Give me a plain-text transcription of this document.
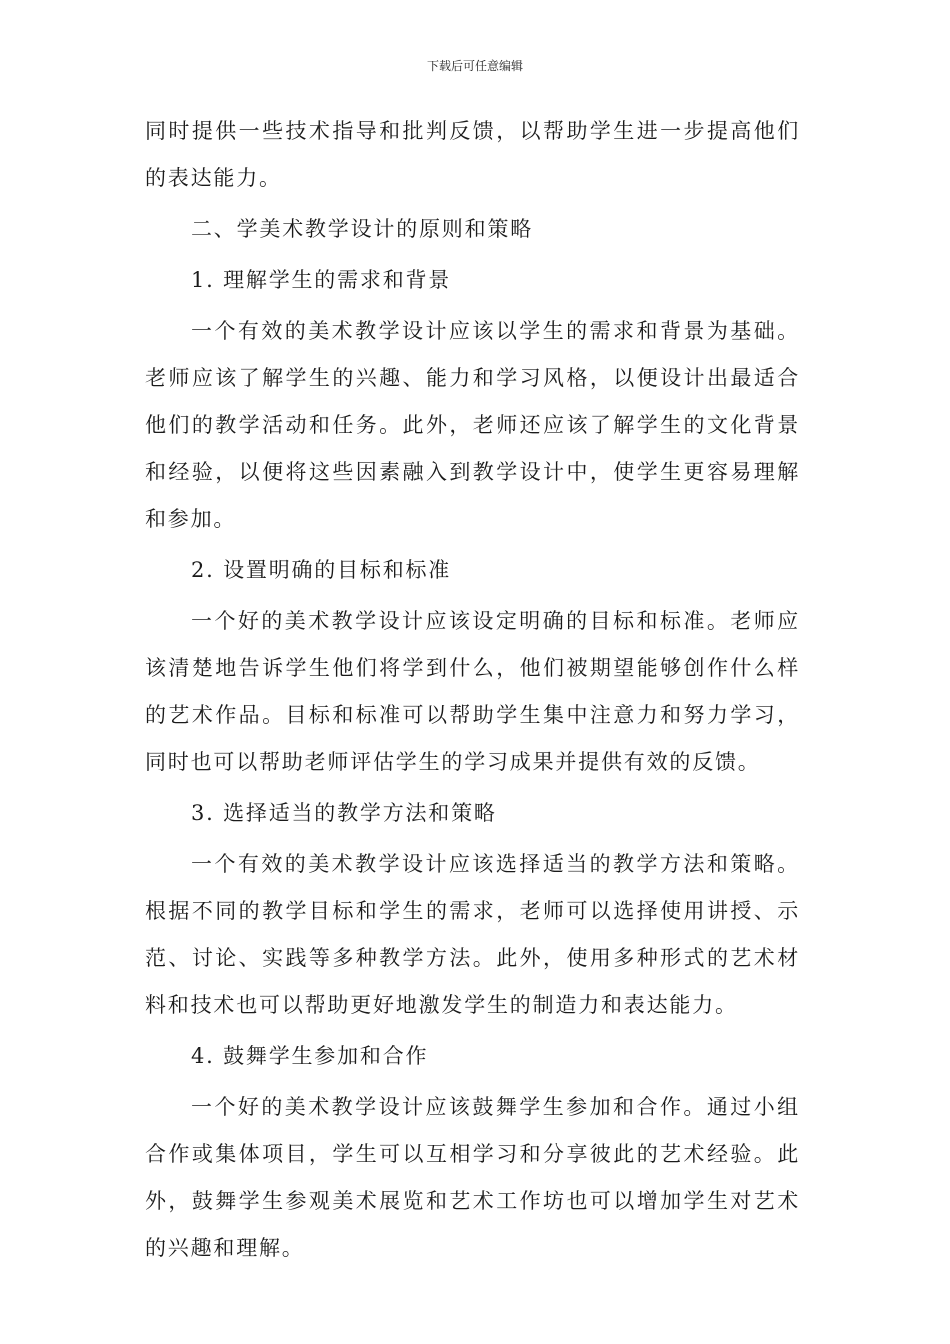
下载后可任意编辑

同时提供一些技术指导和批判反馈，以帮助学生进一步提高他们的表达能力。

二、学美术教学设计的原则和策略

1. 理解学生的需求和背景

一个有效的美术教学设计应该以学生的需求和背景为基础。老师应该了解学生的兴趣、能力和学习风格，以便设计出最适合他们的教学活动和任务。此外，老师还应该了解学生的文化背景和经验，以便将这些因素融入到教学设计中，使学生更容易理解和参加。

2. 设置明确的目标和标准

一个好的美术教学设计应该设定明确的目标和标准。老师应该清楚地告诉学生他们将学到什么，他们被期望能够创作什么样的艺术作品。目标和标准可以帮助学生集中注意力和努力学习，同时也可以帮助老师评估学生的学习成果并提供有效的反馈。

3. 选择适当的教学方法和策略

一个有效的美术教学设计应该选择适当的教学方法和策略。根据不同的教学目标和学生的需求，老师可以选择使用讲授、示范、讨论、实践等多种教学方法。此外，使用多种形式的艺术材料和技术也可以帮助更好地激发学生的制造力和表达能力。

4. 鼓舞学生参加和合作

一个好的美术教学设计应该鼓舞学生参加和合作。通过小组合作或集体项目，学生可以互相学习和分享彼此的艺术经验。此外，鼓舞学生参观美术展览和艺术工作坊也可以增加学生对艺术的兴趣和理解。
